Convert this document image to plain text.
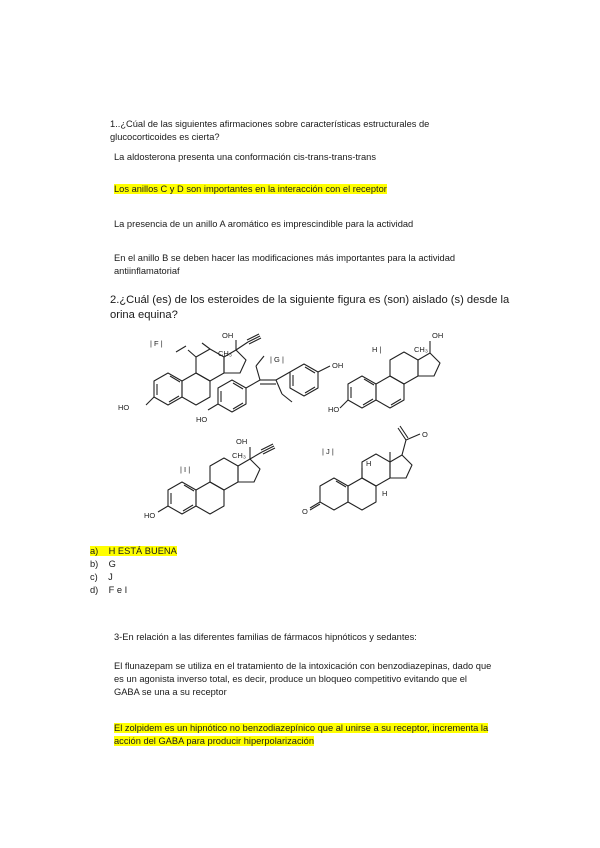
1..¿Cúal de las siguientes afirmaciones sobre características estructurales de
glucocorticoides es cierta?
La aldosterona presenta una conformación cis-trans-trans-trans
Los anillos C y D son importantes en la interacción con el receptor
La presencia de un anillo A aromático es imprescindible para la actividad
En el anillo B se deben hacer las modificaciones más importantes para la actividad
antiinflamatoriaf
2.¿Cuál (es) de los esteroides de la siguiente figura es (son) aislado (s) desde la
orina equina?
| F |
| G |
H |
| I |
| J |
OH
CH₃
HO
HO
OH
OH
CH₃
HO
OH
CH₃
HO
H
H
O
O
a) H ESTÁ BUENA
b) G
c) J
d) F e I
3-En relación a las diferentes familias de fármacos hipnóticos y sedantes:
El flunazepam se utiliza en el tratamiento de la intoxicación con benzodiazepinas, dado que
es un agonista inverso total, es decir, produce un bloqueo competitivo evitando que el
GABA se una a su receptor
El zolpidem es un hipnótico no benzodiazepínico que al unirse a su receptor, incrementa la
acción del GABA para producir hiperpolarización
